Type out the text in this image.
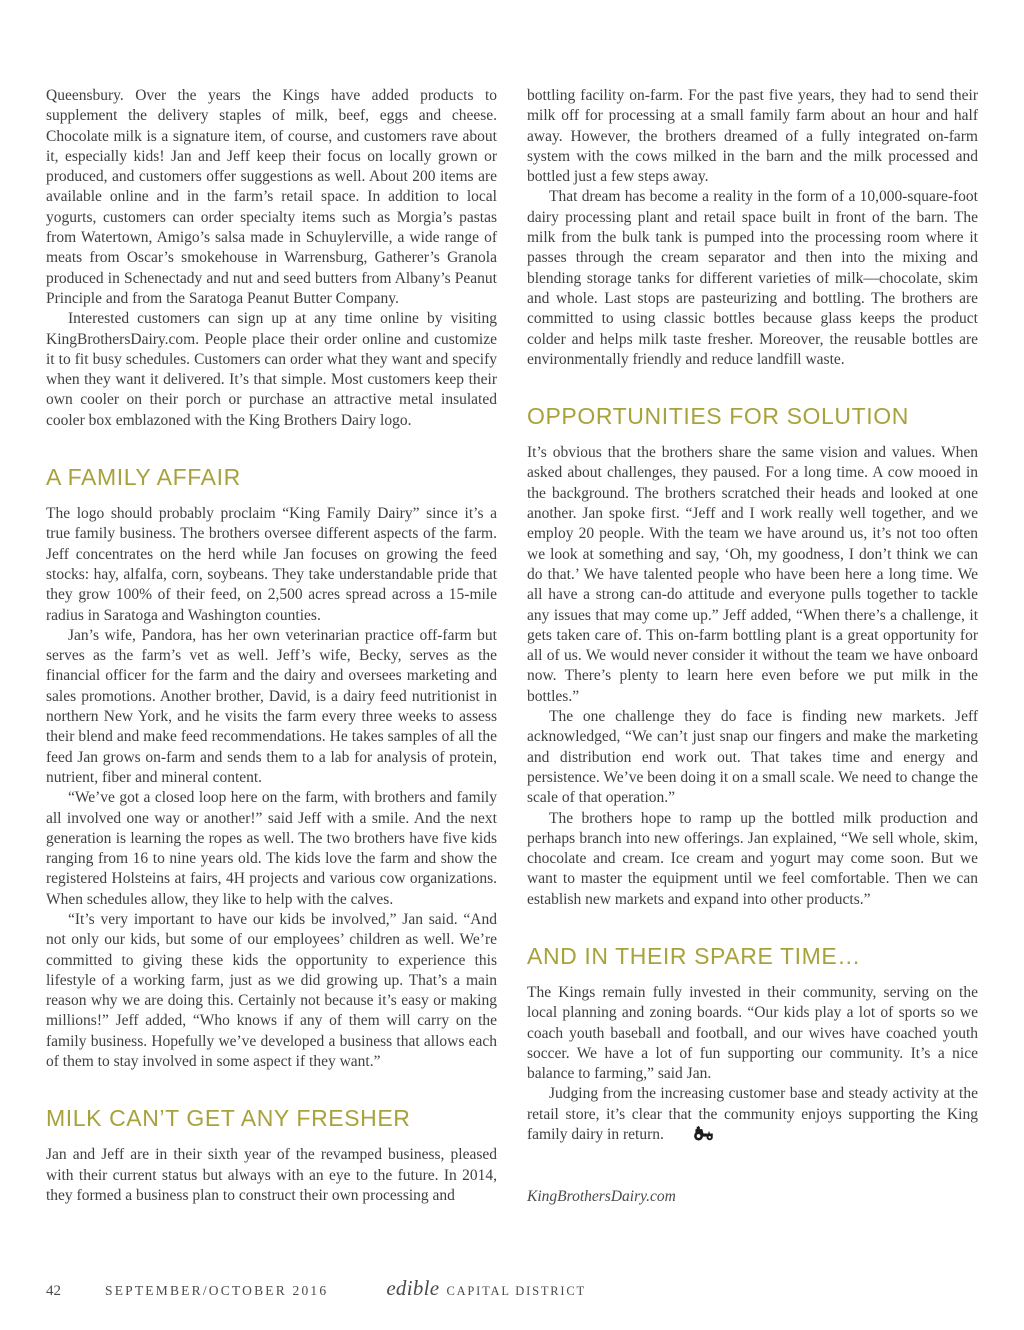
Queensbury. Over the years the Kings have added products to supplement the delivery staples of milk, beef, eggs and cheese. Chocolate milk is a signature item, of course, and customers rave about it, especially kids! Jan and Jeff keep their focus on locally grown or produced, and customers offer suggestions as well. About 200 items are available online and in the farm’s retail space. In addition to local yogurts, customers can order specialty items such as Morgia’s pastas from Watertown, Amigo’s salsa made in Schuylerville, a wide range of meats from Oscar’s smokehouse in Warrensburg, Gatherer’s Granola produced in Schenectady and nut and seed butters from Albany’s Peanut Principle and from the Saratoga Peanut Butter Company.

Interested customers can sign up at any time online by visiting KingBrothersDairy.com. People place their order online and customize it to fit busy schedules. Customers can order what they want and specify when they want it delivered. It’s that simple. Most customers keep their own cooler on their porch or purchase an attractive metal insulated cooler box emblazoned with the King Brothers Dairy logo.

A FAMILY AFFAIR

The logo should probably proclaim “King Family Dairy” since it’s a true family business. The brothers oversee different aspects of the farm. Jeff concentrates on the herd while Jan focuses on growing the feed stocks: hay, alfalfa, corn, soybeans. They take understandable pride that they grow 100% of their feed, on 2,500 acres spread across a 15-mile radius in Saratoga and Washington counties.

Jan’s wife, Pandora, has her own veterinarian practice off-farm but serves as the farm’s vet as well. Jeff’s wife, Becky, serves as the financial officer for the farm and the dairy and oversees marketing and sales promotions. Another brother, David, is a dairy feed nutritionist in northern New York, and he visits the farm every three weeks to assess their blend and make feed recommendations. He takes samples of all the feed Jan grows on-farm and sends them to a lab for analysis of protein, nutrient, fiber and mineral content.

“We’ve got a closed loop here on the farm, with brothers and family all involved one way or another!” said Jeff with a smile. And the next generation is learning the ropes as well. The two brothers have five kids ranging from 16 to nine years old. The kids love the farm and show the registered Holsteins at fairs, 4H projects and various cow organizations. When schedules allow, they like to help with the calves.

“It’s very important to have our kids be involved,” Jan said. “And not only our kids, but some of our employees’ children as well. We’re committed to giving these kids the opportunity to experience this lifestyle of a working farm, just as we did growing up. That’s a main reason why we are doing this. Certainly not because it’s easy or making millions!” Jeff added, “Who knows if any of them will carry on the family business. Hopefully we’ve developed a business that allows each of them to stay involved in some aspect if they want.”

MILK CAN’T GET ANY FRESHER

Jan and Jeff are in their sixth year of the revamped business, pleased with their current status but always with an eye to the future. In 2014, they formed a business plan to construct their own processing and

bottling facility on-farm. For the past five years, they had to send their milk off for processing at a small family farm about an hour and half away. However, the brothers dreamed of a fully integrated on-farm system with the cows milked in the barn and the milk processed and bottled just a few steps away.

That dream has become a reality in the form of a 10,000-square-foot dairy processing plant and retail space built in front of the barn. The milk from the bulk tank is pumped into the processing room where it passes through the cream separator and then into the mixing and blending storage tanks for different varieties of milk—chocolate, skim and whole. Last stops are pasteurizing and bottling. The brothers are committed to using classic bottles because glass keeps the product colder and helps milk taste fresher. Moreover, the reusable bottles are environmentally friendly and reduce landfill waste.

OPPORTUNITIES FOR SOLUTION

It’s obvious that the brothers share the same vision and values. When asked about challenges, they paused. For a long time. A cow mooed in the background. The brothers scratched their heads and looked at one another. Jan spoke first. “Jeff and I work really well together, and we employ 20 people. With the team we have around us, it’s not too often we look at something and say, ‘Oh, my goodness, I don’t think we can do that.’ We have talented people who have been here a long time. We all have a strong can-do attitude and everyone pulls together to tackle any issues that may come up.” Jeff added, “When there’s a challenge, it gets taken care of. This on-farm bottling plant is a great opportunity for all of us. We would never consider it without the team we have onboard now. There’s plenty to learn here even before we put milk in the bottles.”

The one challenge they do face is finding new markets. Jeff acknowledged, “We can’t just snap our fingers and make the marketing and distribution end work out. That takes time and energy and persistence. We’ve been doing it on a small scale. We need to change the scale of that operation.”

The brothers hope to ramp up the bottled milk production and perhaps branch into new offerings. Jan explained, “We sell whole, skim, chocolate and cream. Ice cream and yogurt may come soon. But we want to master the equipment until we feel comfortable. Then we can establish new markets and expand into other products.”

AND IN THEIR SPARE TIME…

The Kings remain fully invested in their community, serving on the local planning and zoning boards. “Our kids play a lot of sports so we coach youth baseball and football, and our wives have coached youth soccer. We have a lot of fun supporting our community. It’s a nice balance to farming,” said Jan.

Judging from the increasing customer base and steady activity at the retail store, it’s clear that the community enjoys supporting the King family dairy in return.

KingBrothersDairy.com

42	SEPTEMBER/OCTOBER 2016	edible CAPITAL DISTRICT
